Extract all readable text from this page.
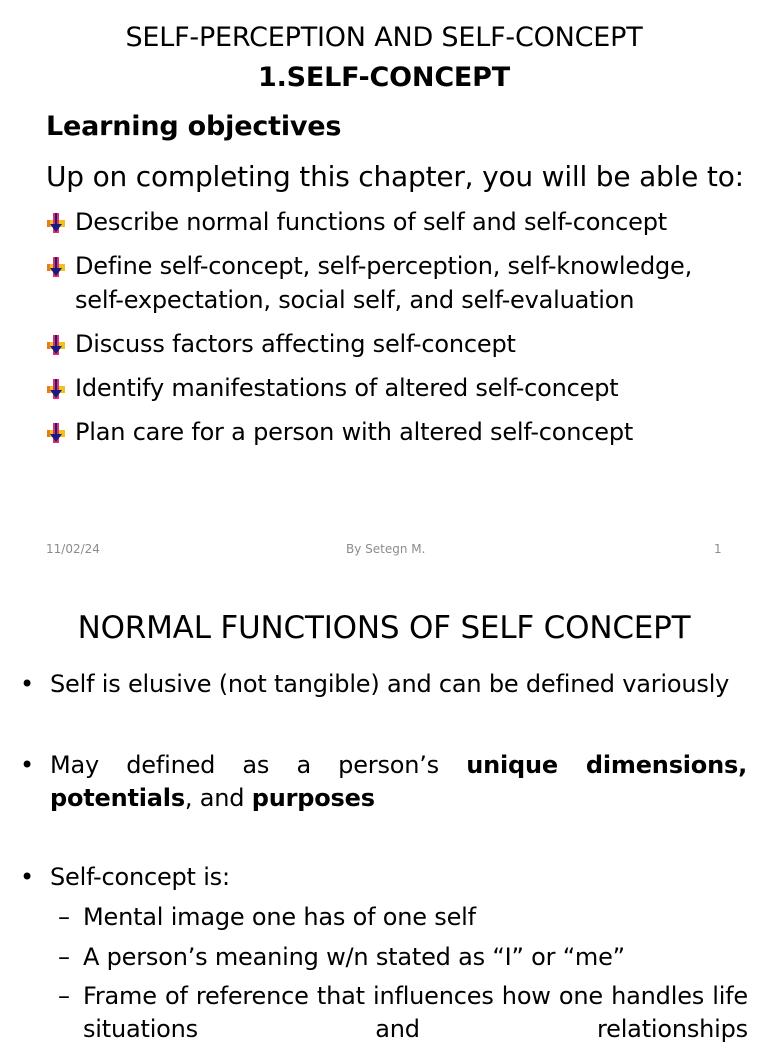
SELF-PERCEPTION AND SELF-CONCEPT
1.SELF-CONCEPT
Learning objectives
Up on completing this chapter, you will be able to:
Describe normal functions of self and self-concept
Define self-concept, self-perception, self-knowledge, self-expectation, social self, and self-evaluation
Discuss factors affecting self-concept
Identify manifestations of altered self-concept
Plan care for a person with altered self-concept
11/02/24	By Setegn M.	1
NORMAL FUNCTIONS OF SELF CONCEPT
• Self is elusive (not tangible) and can be defined variously
• May defined as a person’s unique dimensions, potentials, and purposes
• Self-concept is:
– Mental image one has of one self
– A person’s meaning w/n stated as “I” or “me”
– Frame of reference that influences how one handles life situations and relationships
